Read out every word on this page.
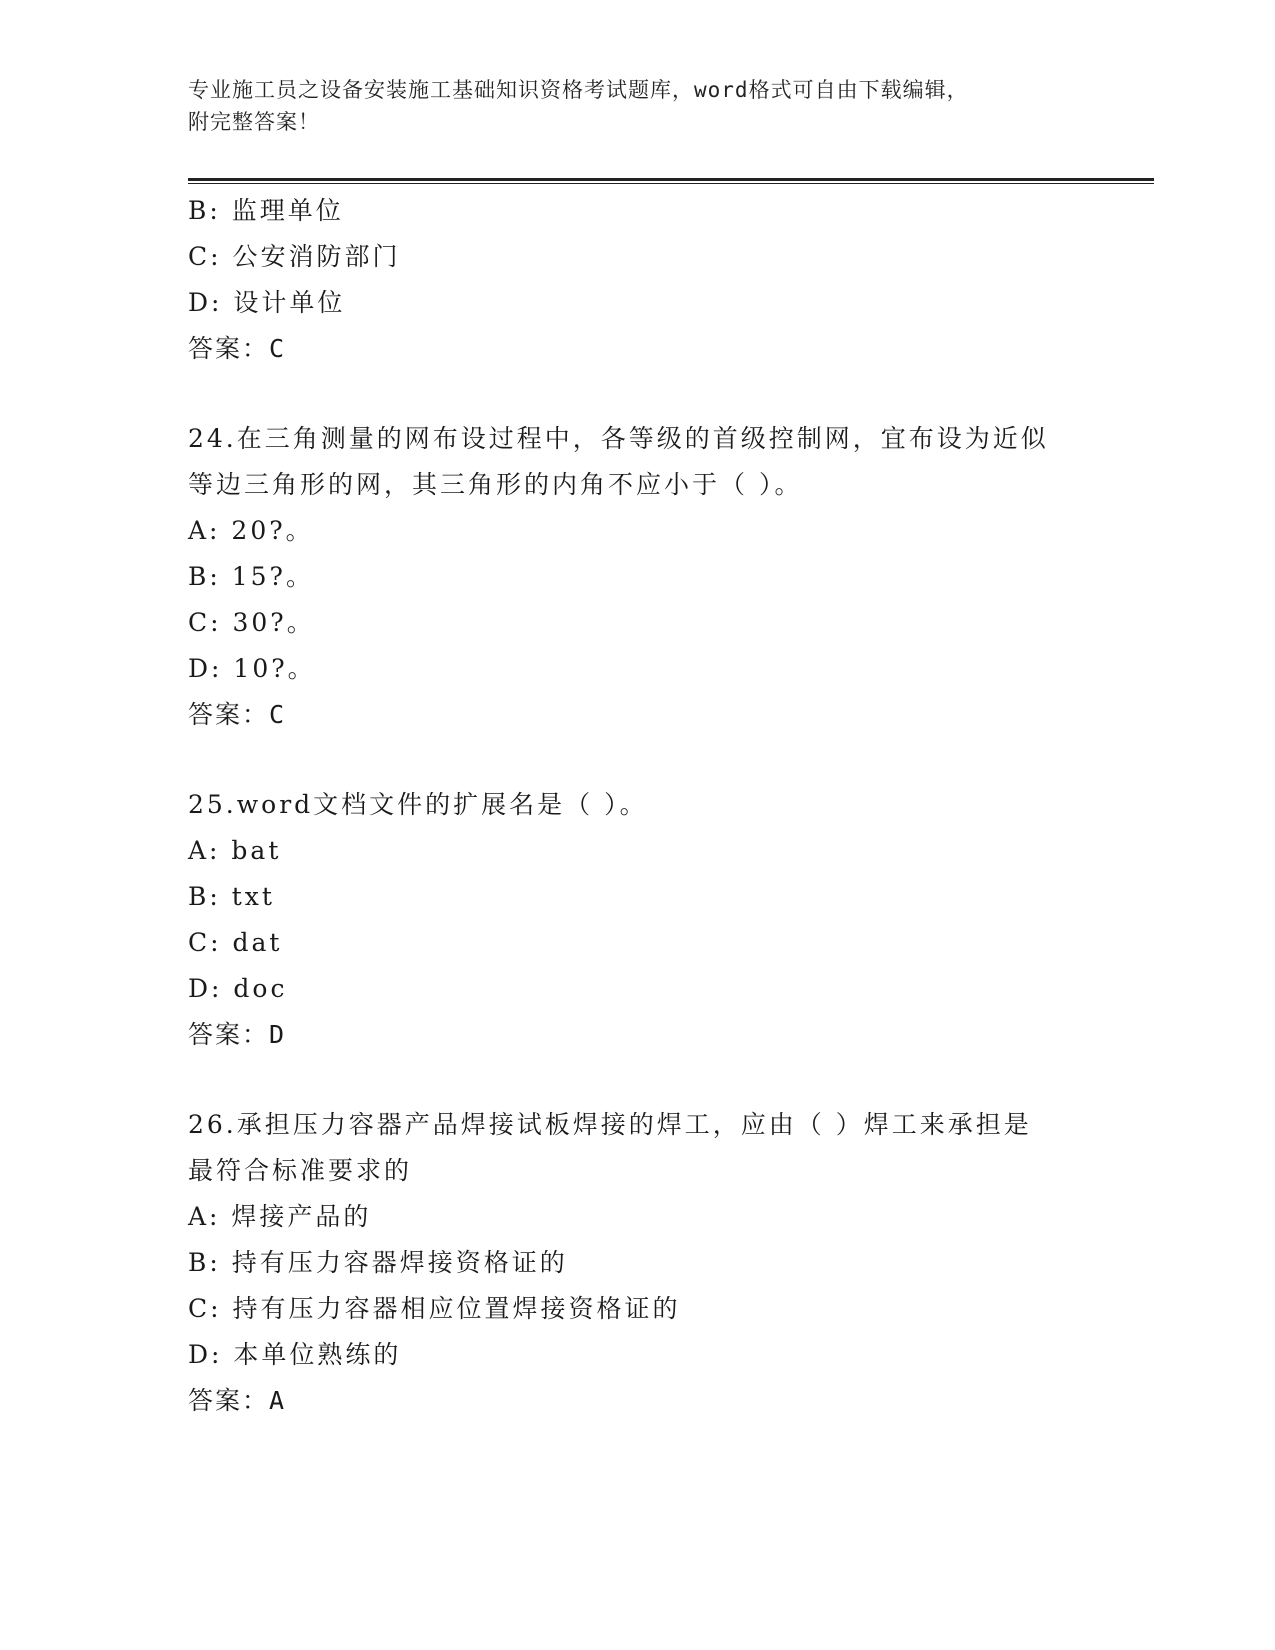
专业施工员之设备安装施工基础知识资格考试题库，word格式可自由下载编辑，
附完整答案！
B: 监理单位
C: 公安消防部门
D: 设计单位
答案：C
24.在三角测量的网布设过程中，各等级的首级控制网，宜布设为近似
等边三角形的网，其三角形的内角不应小于（ ）。
A: 20?。
B: 15?。
C: 30?。
D: 10?。
答案：C
25.word文档文件的扩展名是（ ）。
A: bat
B: txt
C: dat
D: doc
答案：D
26.承担压力容器产品焊接试板焊接的焊工，应由（ ）焊工来承担是
最符合标准要求的
A: 焊接产品的
B: 持有压力容器焊接资格证的
C: 持有压力容器相应位置焊接资格证的
D: 本单位熟练的
答案：A
